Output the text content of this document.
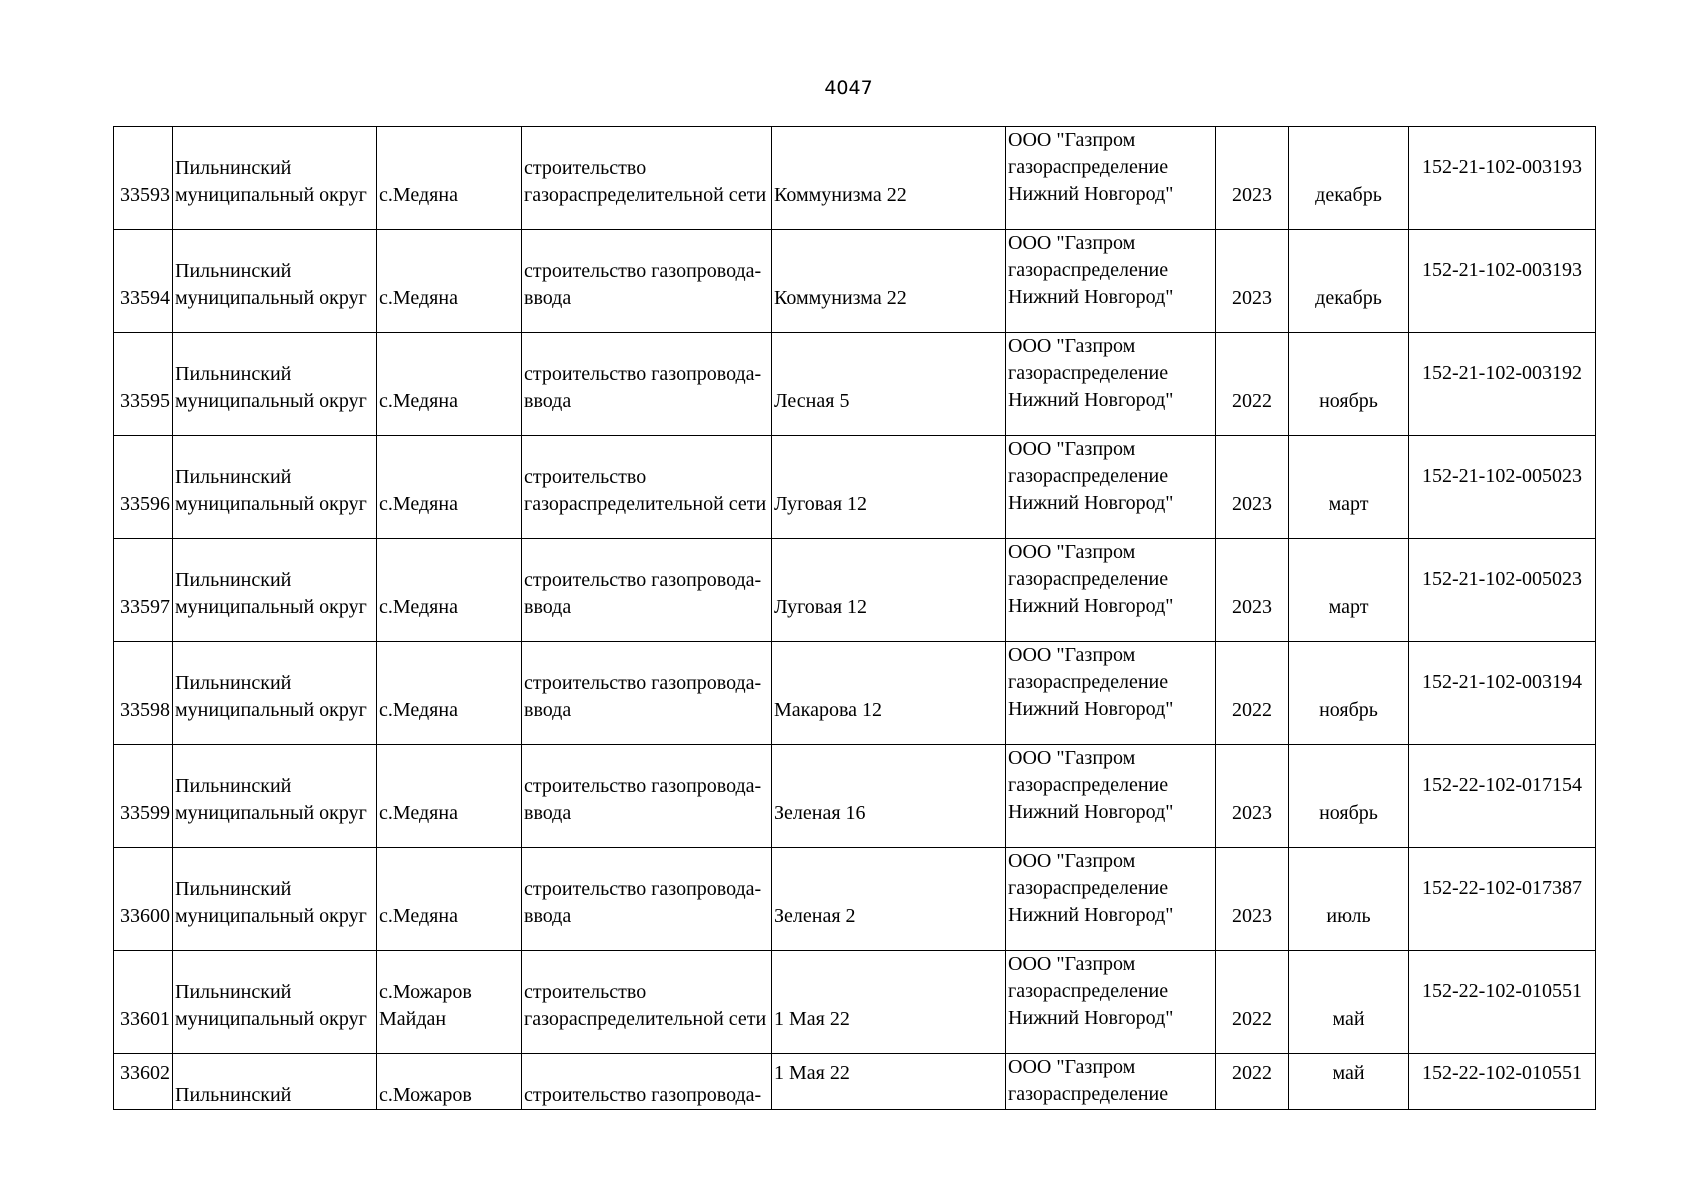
4047
33593	Пильнинский муниципальный округ	с.Медяна	строительство газораспределительной сети	Коммунизма 22	ООО "Газпром газораспределение Нижний Новгород"	2023	декабрь	152-21-102-003193
33594	Пильнинский муниципальный округ	с.Медяна	строительство газопровода-ввода	Коммунизма 22	ООО "Газпром газораспределение Нижний Новгород"	2023	декабрь	152-21-102-003193
33595	Пильнинский муниципальный округ	с.Медяна	строительство газопровода-ввода	Лесная 5	ООО "Газпром газораспределение Нижний Новгород"	2022	ноябрь	152-21-102-003192
33596	Пильнинский муниципальный округ	с.Медяна	строительство газораспределительной сети	Луговая 12	ООО "Газпром газораспределение Нижний Новгород"	2023	март	152-21-102-005023
33597	Пильнинский муниципальный округ	с.Медяна	строительство газопровода-ввода	Луговая 12	ООО "Газпром газораспределение Нижний Новгород"	2023	март	152-21-102-005023
33598	Пильнинский муниципальный округ	с.Медяна	строительство газопровода-ввода	Макарова 12	ООО "Газпром газораспределение Нижний Новгород"	2022	ноябрь	152-21-102-003194
33599	Пильнинский муниципальный округ	с.Медяна	строительство газопровода-ввода	Зеленая 16	ООО "Газпром газораспределение Нижний Новгород"	2023	ноябрь	152-22-102-017154
33600	Пильнинский муниципальный округ	с.Медяна	строительство газопровода-ввода	Зеленая 2	ООО "Газпром газораспределение Нижний Новгород"	2023	июль	152-22-102-017387
33601	Пильнинский муниципальный округ	с.Можаров Майдан	строительство газораспределительной сети	1 Мая 22	ООО "Газпром газораспределение Нижний Новгород"	2022	май	152-22-102-010551
33602	Пильнинский	с.Можаров	строительство газопровода-	1 Мая 22	ООО "Газпром газораспределение	2022	май	152-22-102-010551
